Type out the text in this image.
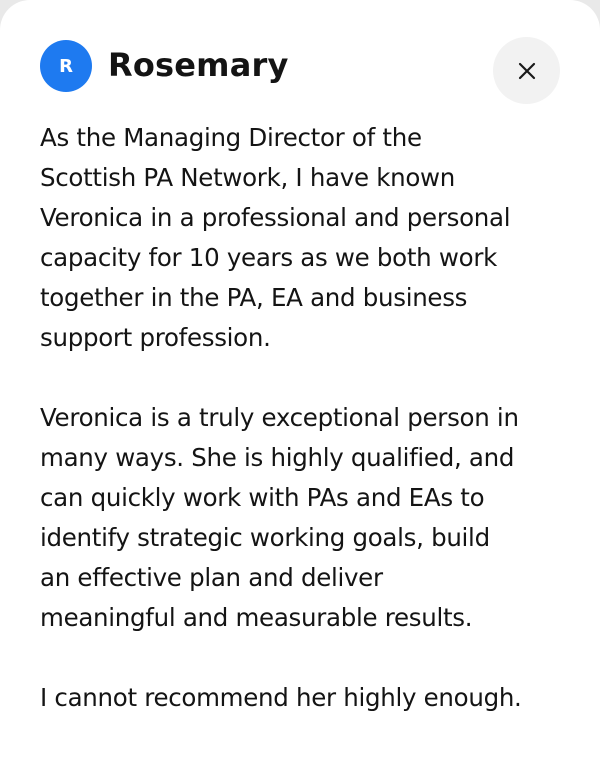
R Rosemary

As the Managing Director of the
Scottish PA Network, I have known
Veronica in a professional and personal
capacity for 10 years as we both work
together in the PA, EA and business
support profession.

Veronica is a truly exceptional person in
many ways. She is highly qualified, and
can quickly work with PAs and EAs to
identify strategic working goals, build
an effective plan and deliver
meaningful and measurable results.

I cannot recommend her highly enough.
